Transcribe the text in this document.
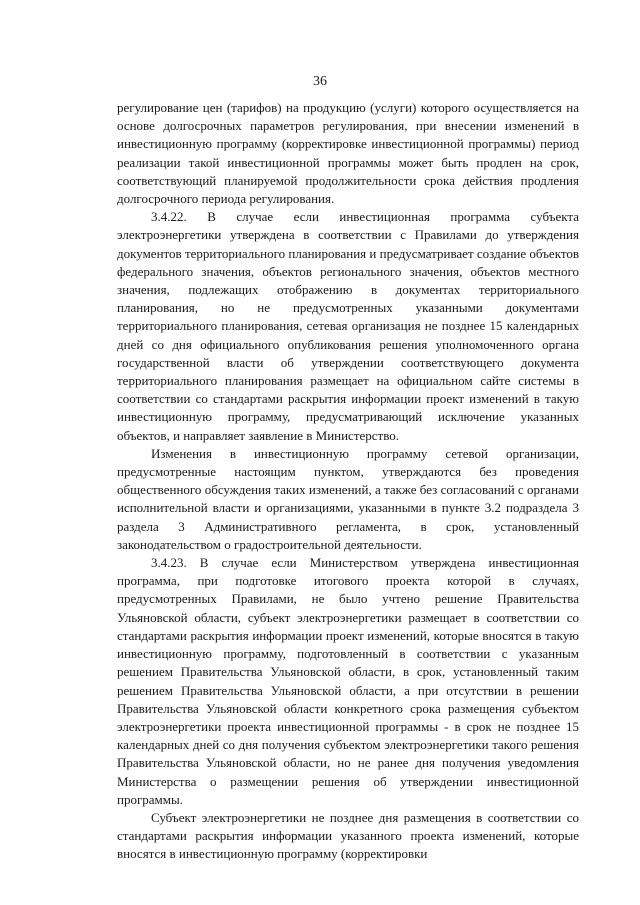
36

регулирование цен (тарифов) на продукцию (услуги) которого осуществляется на основе долгосрочных параметров регулирования, при внесении изменений в инвестиционную программу (корректировке инвестиционной программы) период реализации такой инвестиционной программы может быть продлен на срок, соответствующий планируемой продолжительности срока действия продления долгосрочного периода регулирования.

3.4.22. В случае если инвестиционная программа субъекта электроэнергетики утверждена в соответствии с Правилами до утверждения документов территориального планирования и предусматривает создание объектов федерального значения, объектов регионального значения, объектов местного значения, подлежащих отображению в документах территориального планирования, но не предусмотренных указанными документами территориального планирования, сетевая организация не позднее 15 календарных дней со дня официального опубликования решения уполномоченного органа государственной власти об утверждении соответствующего документа территориального планирования размещает на официальном сайте системы в соответствии со стандартами раскрытия информации проект изменений в такую инвестиционную программу, предусматривающий исключение указанных объектов, и направляет заявление в Министерство.

Изменения в инвестиционную программу сетевой организации, предусмотренные настоящим пунктом, утверждаются без проведения общественного обсуждения таких изменений, а также без согласований с органами исполнительной власти и организациями, указанными в пункте 3.2 подраздела 3 раздела 3 Административного регламента, в срок, установленный законодательством о градостроительной деятельности.

3.4.23. В случае если Министерством утверждена инвестиционная программа, при подготовке итогового проекта которой в случаях, предусмотренных Правилами, не было учтено решение Правительства Ульяновской области, субъект электроэнергетики размещает в соответствии со стандартами раскрытия информации проект изменений, которые вносятся в такую инвестиционную программу, подготовленный в соответствии с указанным решением Правительства Ульяновской области, в срок, установленный таким решением Правительства Ульяновской области, а при отсутствии в решении Правительства Ульяновской области конкретного срока размещения субъектом электроэнергетики проекта инвестиционной программы - в срок не позднее 15 календарных дней со дня получения субъектом электроэнергетики такого решения Правительства Ульяновской области, но не ранее дня получения уведомления Министерства о размещении решения об утверждении инвестиционной программы.

Субъект электроэнергетики не позднее дня размещения в соответствии со стандартами раскрытия информации указанного проекта изменений, которые вносятся в инвестиционную программу (корректировки
